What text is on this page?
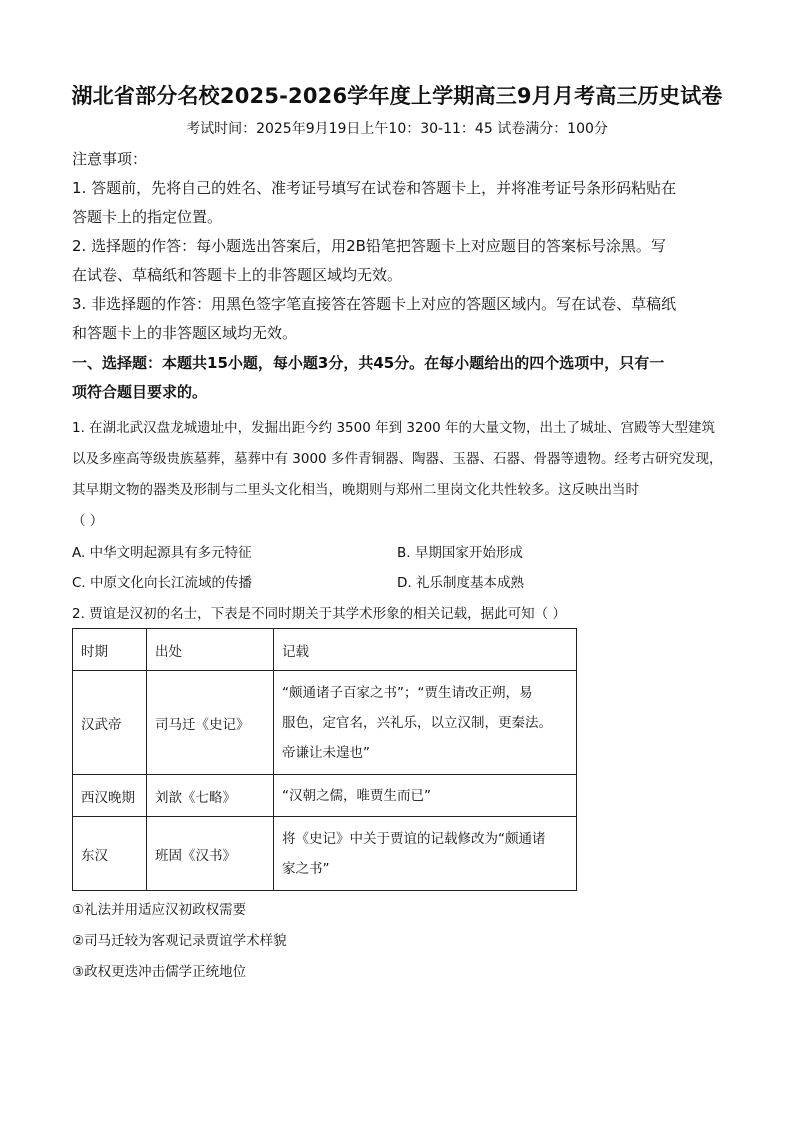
湖北省部分名校2025-2026学年度上学期高三9月月考高三历史试卷
考试时间：2025年9月19日上午10：30-11：45 试卷满分：100分
注意事项：
1. 答题前，先将自己的姓名、准考证号填写在试卷和答题卡上，并将准考证号条形码粘贴在
答题卡上的指定位置。
2. 选择题的作答：每小题选出答案后，用2B铅笔把答题卡上对应题目的答案标号涂黑。写
在试卷、草稿纸和答题卡上的非答题区域均无效。
3. 非选择题的作答：用黑色签字笔直接答在答题卡上对应的答题区域内。写在试卷、草稿纸
和答题卡上的非答题区域均无效。
一、选择题：本题共15小题，每小题3分，共45分。在每小题给出的四个选项中，只有一
项符合题目要求的。
1. 在湖北武汉盘龙城遗址中，发掘出距今约 3500 年到 3200 年的大量文物，出土了城址、宫殿等大型建筑
以及多座高等级贵族墓葬，墓葬中有 3000 多件青铜器、陶器、玉器、石器、骨器等遗物。经考古研究发现，
其早期文物的器类及形制与二里头文化相当，晚期则与郑州二里岗文化共性较多。这反映出当时
（ ）
A. 中华文明起源具有多元特征	B. 早期国家开始形成
C. 中原文化向长江流域的传播	D. 礼乐制度基本成熟
2. 贾谊是汉初的名士，下表是不同时期关于其学术形象的相关记载，据此可知（ ）
时期	出处	记载
汉武帝	司马迁《史记》	“颇通诸子百家之书”；“贾生请改正朔，易
服色，定官名，兴礼乐，以立汉制，更秦法。
帝谦让未遑也”

西汉晚期	刘歆《七略》	“汉朝之儒，唯贾生而已”

东汉	班固《汉书》	将《史记》中关于贾谊的记载修改为“颇通诸
家之书”
①礼法并用适应汉初政权需要
②司马迁较为客观记录贾谊学术样貌
③政权更迭冲击儒学正统地位
